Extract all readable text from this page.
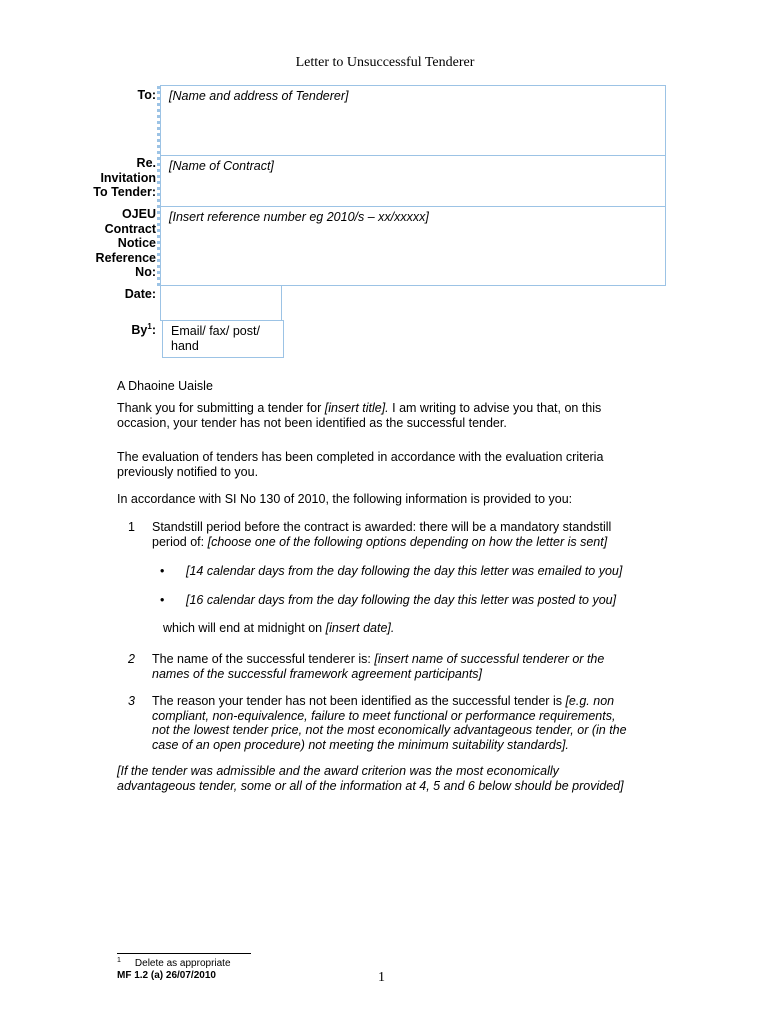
Letter to Unsuccessful Tenderer
To:
Re.
Invitation
To Tender:
OJEU
Contract
Notice
Reference
No:
Date:
By$^1$:
[Name and address of Tenderer]
[Name of Contract]
[Insert reference number eg 2010/s – xx/xxxxx]
Email/ fax/ post/
hand
A Dhaoine Uaisle
Thank you for submitting a tender for [insert title]. I am writing to advise you that, on this
occasion, your tender has not been identified as the successful tender.
The evaluation of tenders has been completed in accordance with the evaluation criteria
previously notified to you.
In accordance with SI No 130 of 2010, the following information is provided to you:
1 Standstill period before the contract is awarded: there will be a mandatory standstill
period of: [choose one of the following options depending on how the letter is sent]
• [14 calendar days from the day following the day this letter was emailed to you]
• [16 calendar days from the day following the day this letter was posted to you]
which will end at midnight on [insert date].
2 The name of the successful tenderer is: [insert name of successful tenderer or the
names of the successful framework agreement participants]
3 The reason your tender has not been identified as the successful tender is [e.g. non
compliant, non-equivalence, failure to meet functional or performance requirements,
not the lowest tender price, not the most economically advantageous tender, or (in the
case of an open procedure) not meeting the minimum suitability standards].
[If the tender was admissible and the award criterion was the most economically
advantageous tender, some or all of the information at 4, 5 and 6 below should be provided]
$^1$ Delete as appropriate
MF 1.2 (a) 26/07/2010	1
